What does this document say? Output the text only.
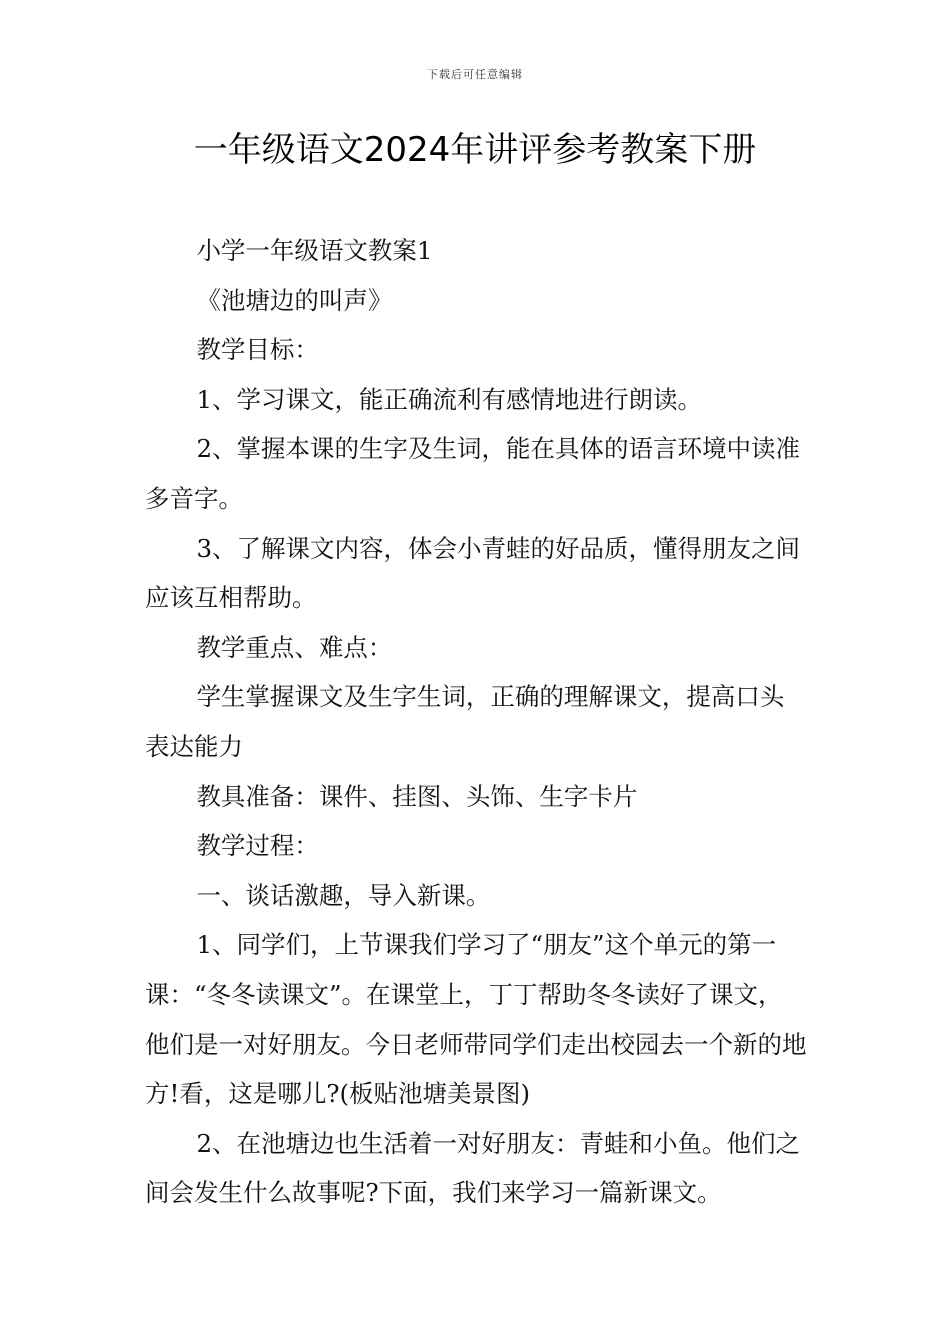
下载后可任意编辑
一年级语文2024年讲评参考教案下册

小学一年级语文教案1

《池塘边的叫声》

教学目标：

1、学习课文，能正确流利有感情地进行朗读。

2、掌握本课的生字及生词，能在具体的语言环境中读准多音字。

3、了解课文内容，体会小青蛙的好品质，懂得朋友之间应该互相帮助。

教学重点、难点：

学生掌握课文及生字生词，正确的理解课文，提高口头表达能力

教具准备：课件、挂图、头饰、生字卡片

教学过程：

一、谈话激趣，导入新课。

1、同学们，上节课我们学习了“朋友”这个单元的第一课：“冬冬读课文”。在课堂上，丁丁帮助冬冬读好了课文，他们是一对好朋友。今日老师带同学们走出校园去一个新的地方!看，这是哪儿?(板贴池塘美景图)

2、在池塘边也生活着一对好朋友：青蛙和小鱼。他们之间会发生什么故事呢?下面，我们来学习一篇新课文。
